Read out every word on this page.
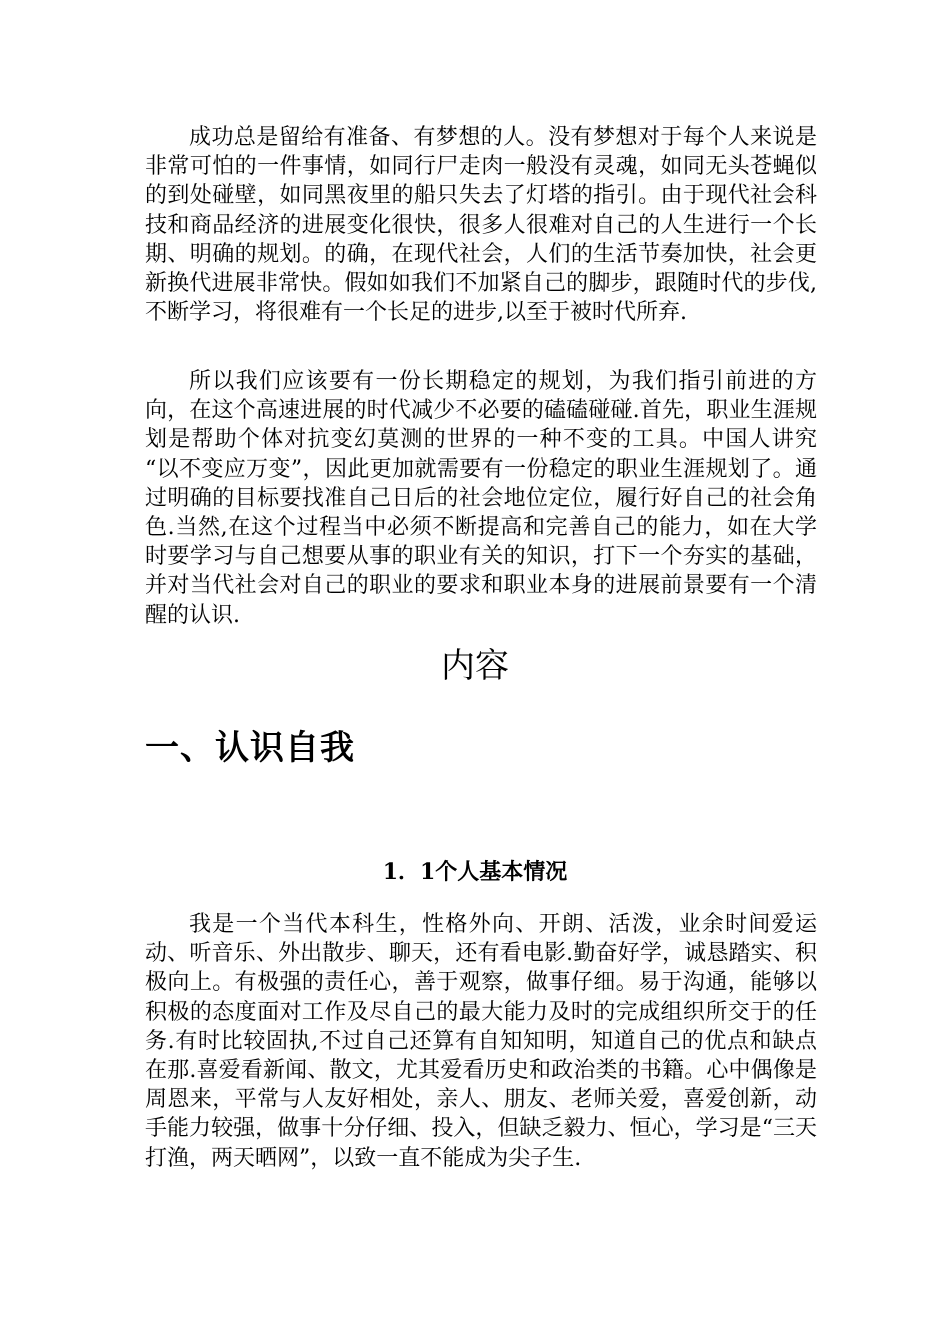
成功总是留给有准备、有梦想的人。没有梦想对于每个人来说是非常可怕的一件事情，如同行尸走肉一般没有灵魂，如同无头苍蝇似的到处碰壁，如同黑夜里的船只失去了灯塔的指引。由于现代社会科技和商品经济的进展变化很快，很多人很难对自己的人生进行一个长期、明确的规划。的确，在现代社会，人们的生活节奏加快，社会更新换代进展非常快。假如如我们不加紧自己的脚步，跟随时代的步伐,不断学习，将很难有一个长足的进步,以至于被时代所弃.

所以我们应该要有一份长期稳定的规划，为我们指引前进的方向，在这个高速进展的时代减少不必要的磕磕碰碰.首先，职业生涯规划是帮助个体对抗变幻莫测的世界的一种不变的工具。中国人讲究 “以不变应万变”，因此更加就需要有一份稳定的职业生涯规划了。通过明确的目标要找准自己日后的社会地位定位，履行好自己的社会角色.当然,在这个过程当中必须不断提高和完善自己的能力，如在大学时要学习与自己想要从事的职业有关的知识，打下一个夯实的基础，并对当代社会对自己的职业的要求和职业本身的进展前景要有一个清醒的认识.

内容
一、认识自我
1．1个人基本情况

我是一个当代本科生，性格外向、开朗、活泼，业余时间爱运动、听音乐、外出散步、聊天，还有看电影.勤奋好学，诚恳踏实、积极向上。有极强的责任心，善于观察，做事仔细。易于沟通，能够以积极的态度面对工作及尽自己的最大能力及时的完成组织所交于的任务.有时比较固执,不过自己还算有自知知明，知道自己的优点和缺点在那.喜爱看新闻、散文，尤其爱看历史和政治类的书籍。心中偶像是周恩来，平常与人友好相处，亲人、朋友、老师关爱，喜爱创新，动手能力较强，做事十分仔细、投入，但缺乏毅力、恒心，学习是“三天打渔，两天晒网”，以致一直不能成为尖子生.
